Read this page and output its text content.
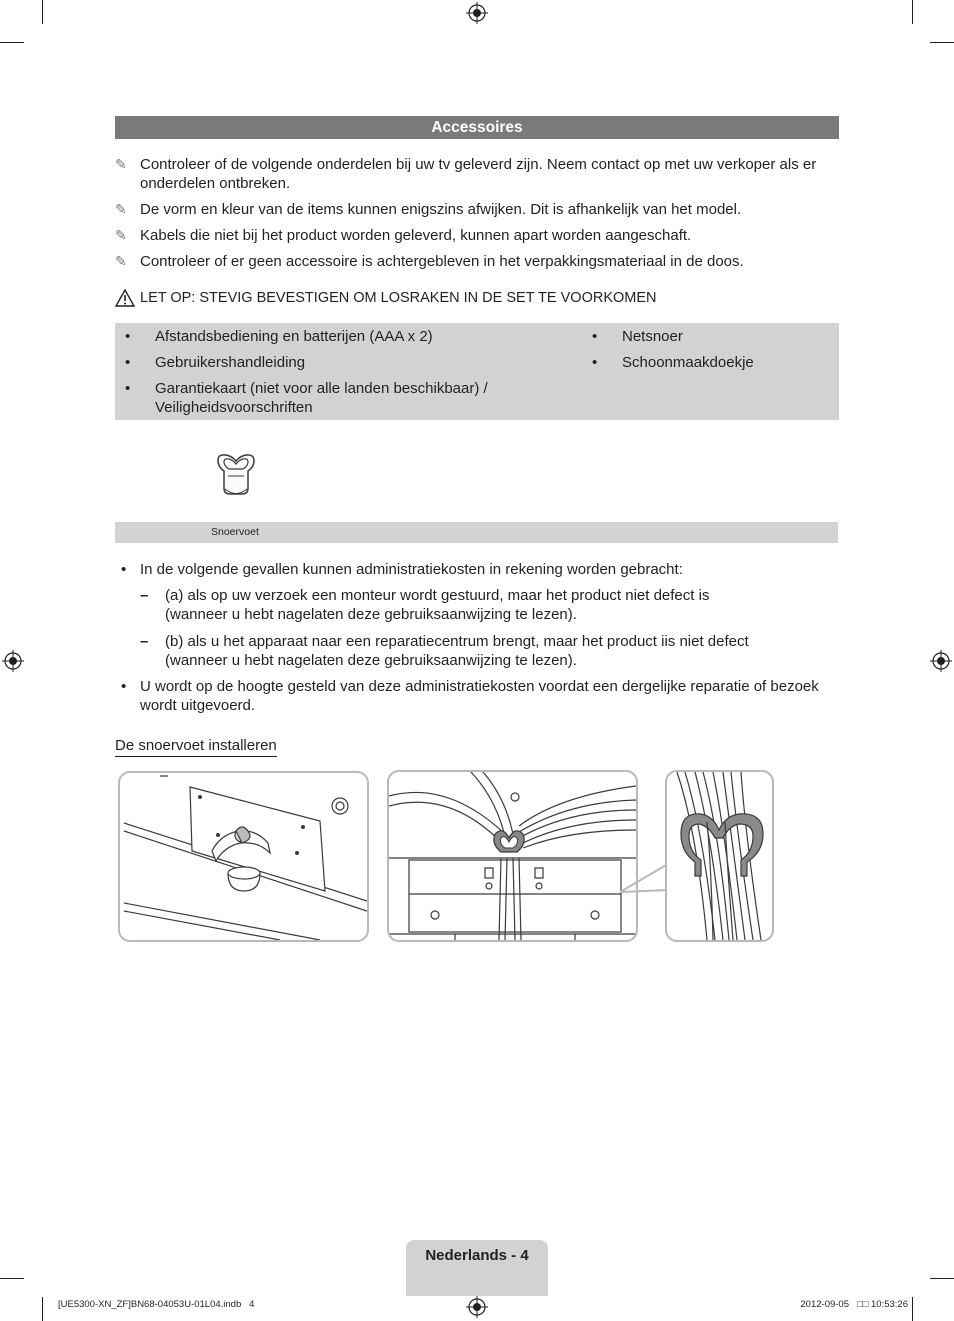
Accessoires
✎ Controleer of de volgende onderdelen bij uw tv geleverd zijn. Neem contact op met uw verkoper als er onderdelen ontbreken.
✎ De vorm en kleur van de items kunnen enigszins afwijken. Dit is afhankelijk van het model.
✎ Kabels die niet bij het product worden geleverd, kunnen apart worden aangeschaft.
✎ Controleer of er geen accessoire is achtergebleven in het verpakkingsmateriaal in de doos.
LET OP: STEVIG BEVESTIGEN OM LOSRAKEN IN DE SET TE VOORKOMEN
• Afstandsbediening en batterijen (AAA x 2)
• Gebruikershandleiding
• Garantiekaart (niet voor alle landen beschikbaar) / Veiligheidsvoorschriften
• Netsnoer
• Schoonmaakdoekje
Snoervoet
• In de volgende gevallen kunnen administratiekosten in rekening worden gebracht:
– (a) als op uw verzoek een monteur wordt gestuurd, maar het product niet defect is (wanneer u hebt nagelaten deze gebruiksaanwijzing te lezen).
– (b) als u het apparaat naar een reparatiecentrum brengt, maar het product iis niet defect (wanneer u hebt nagelaten deze gebruiksaanwijzing te lezen).
• U wordt op de hoogte gesteld van deze administratiekosten voordat een dergelijke reparatie of bezoek wordt uitgevoerd.
De snoervoet installeren
Nederlands - 4
[UE5300-XN_ZF]BN68-04053U-01L04.indb   4	2012-09-05   □□ 10:53:26
